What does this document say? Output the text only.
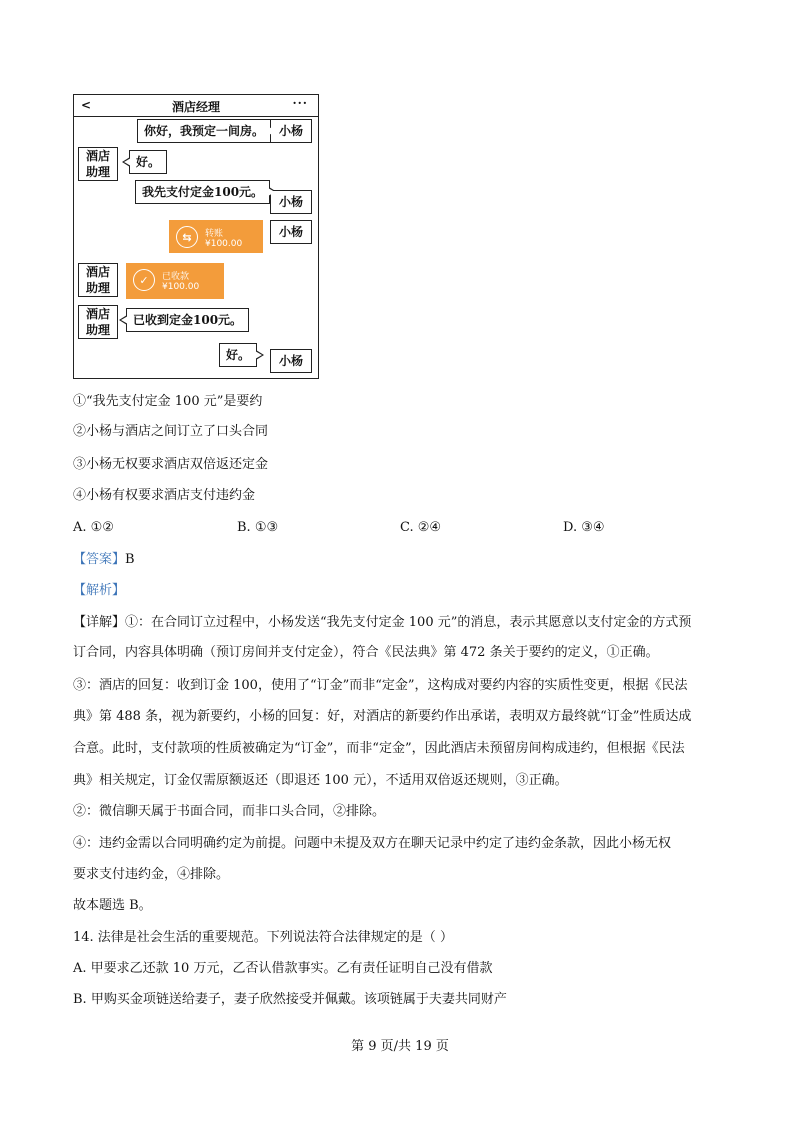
<	酒店经理	···
你好，我预定一间房。	小杨
酒店
助理
好。
我先支付定金100元。
小杨
⇆	转账
¥100.00
小杨
酒店
助理
✓	已收款
¥100.00
酒店
助理
已收到定金100元。
好。	小杨
①“我先支付定金 100 元”是要约
②小杨与酒店之间订立了口头合同
③小杨无权要求酒店双倍返还定金
④小杨有权要求酒店支付违约金
A. ①②	B. ①③	C. ②④	D. ③④
【答案】B
【解析】
【详解】①：在合同订立过程中，小杨发送“我先支付定金 100 元”的消息，表示其愿意以支付定金的方式预
订合同，内容具体明确（预订房间并支付定金），符合《民法典》第 472 条关于要约的定义，①正确。
③：酒店的回复：收到订金 100，使用了“订金”而非“定金”，这构成对要约内容的实质性变更，根据《民法
典》第 488 条，视为新要约，小杨的回复：好，对酒店的新要约作出承诺，表明双方最终就“订金”性质达成
合意。此时，支付款项的性质被确定为“订金”，而非“定金”，因此酒店未预留房间构成违约，但根据《民法
典》相关规定，订金仅需原额返还（即退还 100 元），不适用双倍返还规则，③正确。
②：微信聊天属于书面合同，而非口头合同，②排除。
④：违约金需以合同明确约定为前提。问题中未提及双方在聊天记录中约定了违约金条款，因此小杨无权
要求支付违约金，④排除。
故本题选 B。
14. 法律是社会生活的重要规范。下列说法符合法律规定的是（ ）
A. 甲要求乙还款 10 万元，乙否认借款事实。乙有责任证明自己没有借款
B. 甲购买金项链送给妻子，妻子欣然接受并佩戴。该项链属于夫妻共同财产
第 9 页/共 19 页
